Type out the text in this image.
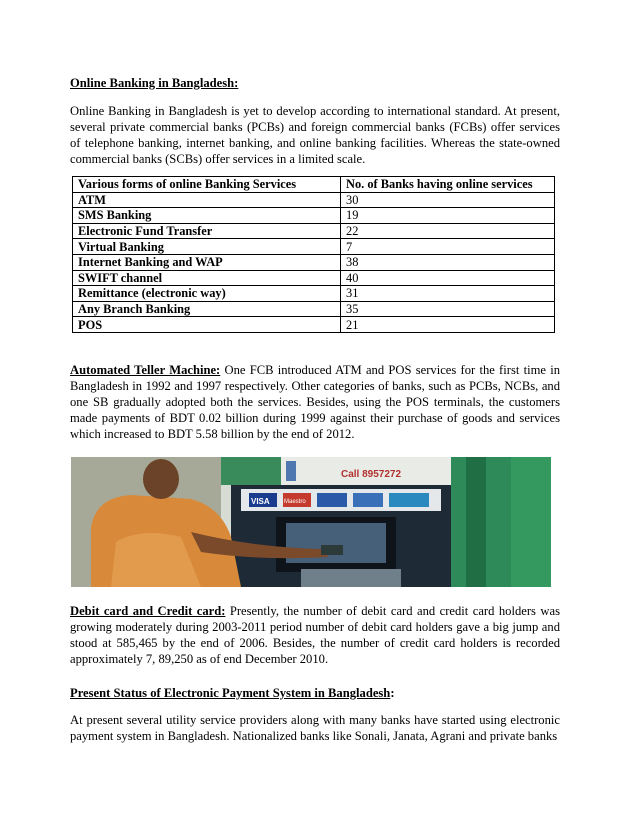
Online Banking in Bangladesh:
Online Banking in Bangladesh is yet to develop according to international standard. At present, several private commercial banks (PCBs) and foreign commercial banks (FCBs) offer services of telephone banking, internet banking, and online banking facilities. Whereas the state-owned commercial banks (SCBs) offer services in a limited scale.
Various forms of online Banking Services	No. of Banks having online services
ATM	30
SMS Banking	19
Electronic Fund Transfer	22
Virtual Banking	7
Internet Banking and WAP	38
SWIFT channel	40
Remittance (electronic way)	31
Any Branch Banking	35
POS	21
Automated Teller Machine: One FCB introduced ATM and POS services for the first time in Bangladesh in 1992 and 1997 respectively. Other categories of banks, such as PCBs, NCBs, and one SB gradually adopted both the services. Besides, using the POS terminals, the customers made payments of BDT 0.02 billion during 1999 against their purchase of goods and services which increased to BDT 5.58 billion by the end of 2012.
Call 8957272
VISA Maestro
Debit card and Credit card: Presently, the number of debit card and credit card holders was growing moderately during 2003-2011 period number of debit card holders gave a big jump and stood at 585,465 by the end of 2006. Besides, the number of credit card holders is recorded approximately 7, 89,250 as of end December 2010.
Present Status of Electronic Payment System in Bangladesh:
At present several utility service providers along with many banks have started using electronic payment system in Bangladesh. Nationalized banks like Sonali, Janata, Agrani and private banks
